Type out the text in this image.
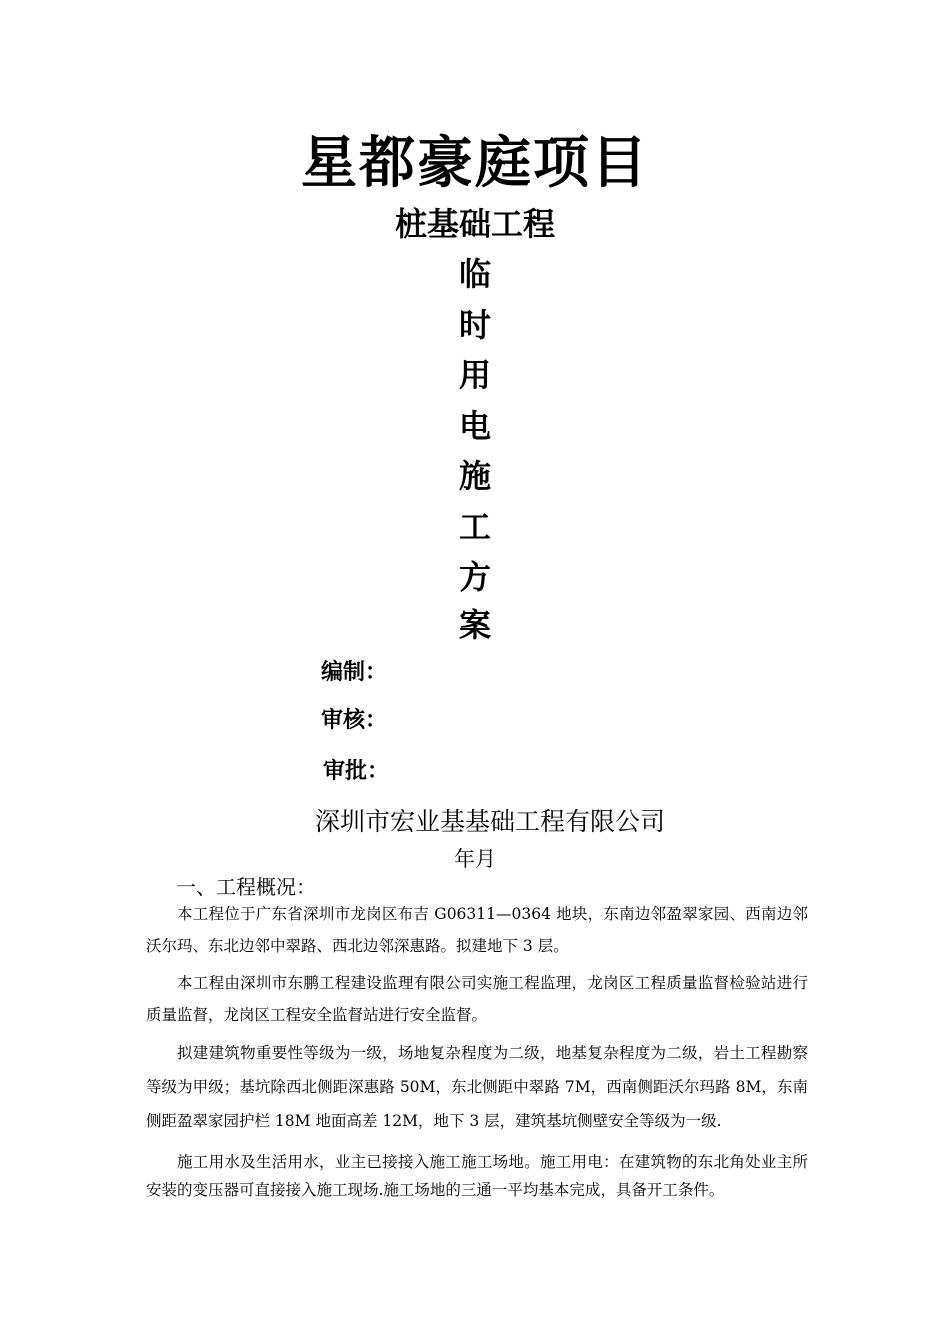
星都豪庭项目
桩基础工程
临
时
用
电
施
工
方
案
编制：
审核：
审批：
深圳市宏业基基础工程有限公司
年月
一、工程概况：

本工程位于广东省深圳市龙岗区布吉 G06311—0364 地块，东南边邻盈翠家园、西南边邻沃尔玛、东北边邻中翠路、西北边邻深惠路。拟建地下 3 层。

本工程由深圳市东鹏工程建设监理有限公司实施工程监理，龙岗区工程质量监督检验站进行质量监督，龙岗区工程安全监督站进行安全监督。

拟建建筑物重要性等级为一级，场地复杂程度为二级，地基复杂程度为二级，岩土工程勘察等级为甲级；基坑除西北侧距深惠路 50M，东北侧距中翠路 7M，西南侧距沃尔玛路 8M，东南侧距盈翠家园护栏 18M 地面高差 12M，地下 3 层，建筑基坑侧壁安全等级为一级.

施工用水及生活用水，业主已接接入施工施工场地。施工用电：在建筑物的东北角处业主所安装的变压器可直接接入施工现场.施工场地的三通一平均基本完成，具备开工条件。
